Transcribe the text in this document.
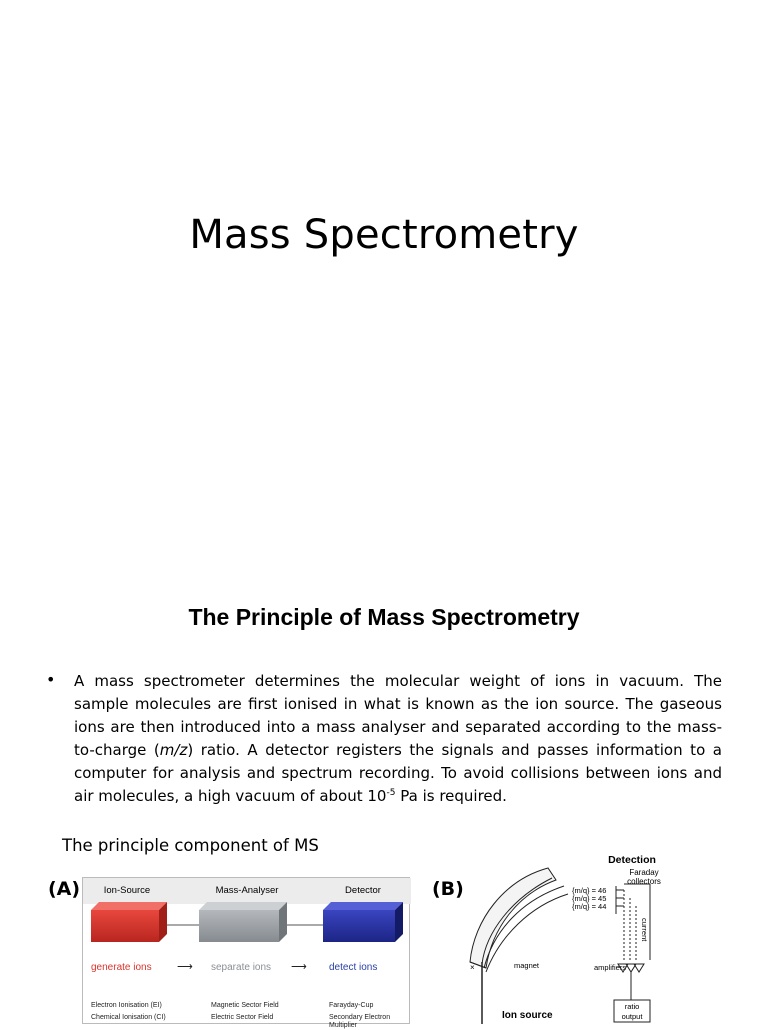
Mass Spectrometry
The Principle of Mass Spectrometry
• A mass spectrometer determines the molecular weight of ions in vacuum. The sample molecules are first ionised in what is known as the ion source. The gaseous ions are then introduced into a mass analyser and separated according to the mass-to-charge (m/z) ratio. A detector registers the signals and passes information to a computer for analysis and spectrum recording. To avoid collisions between ions and air molecules, a high vacuum of about $10^{-5}$ Pa is required.
The principle component of MS
(A)	(B)
Ion-Source	Mass-Analyser	Detector
generate ions ⟶ separate ions ⟶ detect ions
Electron Ionisation (EI)	Magnetic Sector Field	Farayday-Cup
Chemical Ionisation (CI)	Electric Sector Field	Secondary Electron
Multiplier
Detection
Faraday
collectors
×	magnet
{m/q} = 46
{m/q} = 45
{m/q} = 44
current
amplifiers
ratio
output
Ion source
